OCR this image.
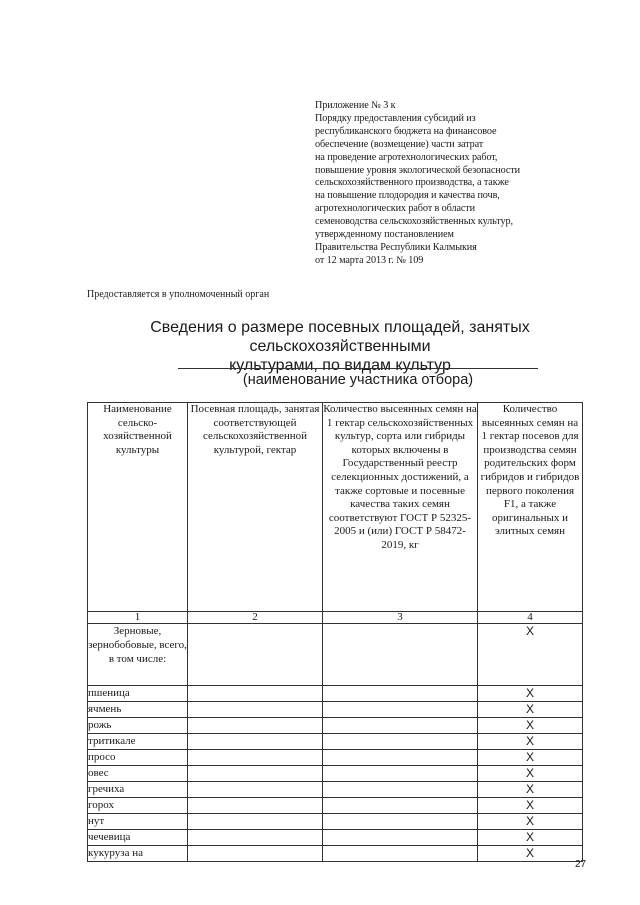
Приложение № 3 к
Порядку предоставления субсидий из
республиканского бюджета на финансовое
обеспечение (возмещение) части затрат
на проведение агротехнологических работ,
повышение уровня экологической безопасности
сельскохозяйственного производства, а также
на повышение плодородия и качества почв,
агротехнологических работ в области
семеноводства сельскохозяйственных культур,
утвержденному постановлением
Правительства Республики Калмыкия
от 12 марта 2013 г. № 109
Предоставляется в уполномоченный орган
Сведения о размере посевных площадей, занятых сельскохозяйственными
культурами, по видам культур
(наименование участника отбора)
Наименование сельско-хозяйственной культуры	Посевная площадь, занятая соответствующей сельскохозяйственной культурой, гектар	Количество высеянных семян на 1 гектар сельскохозяйственных культур, сорта или гибриды которых включены в Государственный реестр селекционных достижений, а также сортовые и посевные качества таких семян соответствуют ГОСТ Р 52325-2005 и (или) ГОСТ Р 58472-2019, кг	Количество высеянных семян на 1 гектар посевов для производства семян родительских форм гибридов и гибридов первого поколения F1, а также оригинальных и элитных семян
1	2	3	4
Зерновые, зернобобовые, всего, в том числе:			Х
пшеница			Х
ячмень			Х
рожь			Х
тритикале			Х
просо			Х
овес			Х
гречиха			Х
горох			Х
нут			Х
чечевица			Х
кукуруза на			Х
27
